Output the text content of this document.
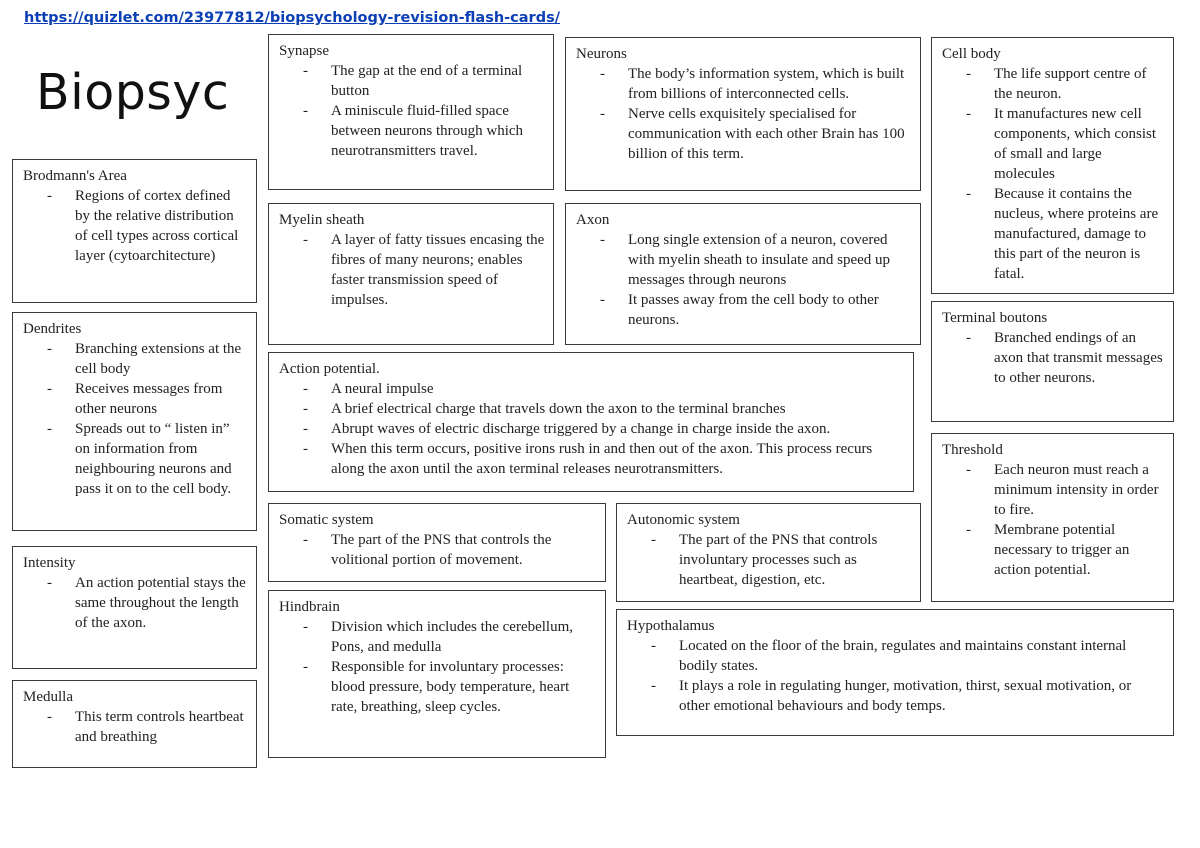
https://quizlet.com/23977812/biopsychology-revision-flash-cards/
Biopsyc
Brodmann's Area
- Regions of cortex defined by the relative distribution of cell types across cortical layer (cytoarchitecture)
Dendrites
- Branching extensions at the cell body
- Receives messages from other neurons
- Spreads out to “ listen in” on information from neighbouring neurons and pass it on to the cell body.
Intensity
- An action potential stays the same throughout the length of the axon.
Medulla
- This term controls heartbeat and breathing
Synapse
- The gap at the end of a terminal button
- A miniscule fluid-filled space between neurons through which neurotransmitters travel.
Myelin sheath
- A layer of fatty tissues encasing the fibres of many neurons; enables faster transmission speed of impulses.
Neurons
- The body’s information system, which is built from billions of interconnected cells.
- Nerve cells exquisitely specialised for communication with each other Brain has 100 billion of this term.
Axon
- Long single extension of a neuron, covered with myelin sheath to insulate and speed up messages through neurons
- It passes away from the cell body to other neurons.
Action potential.
- A neural impulse
- A brief electrical charge that travels down the axon to the terminal branches
- Abrupt waves of electric discharge triggered by a change in charge inside the axon.
- When this term occurs, positive irons rush in and then out of the axon. This process recurs along the axon until the axon terminal releases neurotransmitters.
Somatic system
- The part of the PNS that controls the volitional portion of movement.
Hindbrain
- Division which includes the cerebellum, Pons, and medulla
- Responsible for involuntary processes: blood pressure, body temperature, heart rate, breathing, sleep cycles.
Autonomic system
- The part of the PNS that controls involuntary processes such as heartbeat, digestion, etc.
Hypothalamus
- Located on the floor of the brain, regulates and maintains constant internal bodily states.
- It plays a role in regulating hunger, motivation, thirst, sexual motivation, or other emotional behaviours and body temps.
Cell body
- The life support centre of the neuron.
- It manufactures new cell components, which consist of small and large molecules
- Because it contains the nucleus, where proteins are manufactured, damage to this part of the neuron is fatal.
Terminal boutons
- Branched endings of an axon that transmit messages to other neurons.
Threshold
- Each neuron must reach a minimum intensity in order to fire.
- Membrane potential necessary to trigger an action potential.
